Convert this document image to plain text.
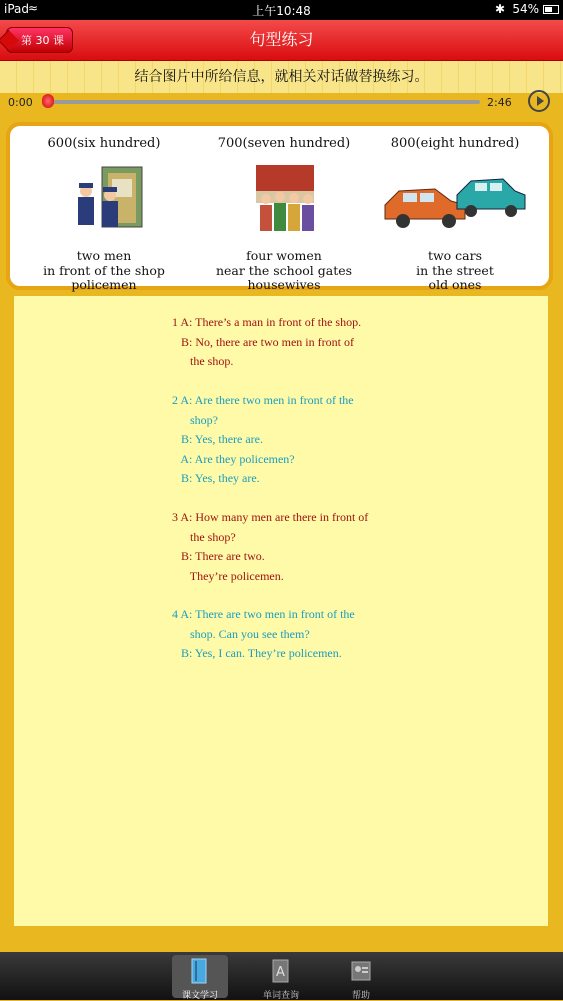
iPad
≈	上午10:48	✱ 54%
第 30 课	句型练习
结合图片中所给信息，就相关对话做替换练习。
0:00	2:46
600(six hundred)
two men
in front of the shop
policemen
700(seven hundred)
four women
near the school gates
housewives
800(eight hundred)
two cars
in the street
old ones
1 A: There’s a man in front of the shop.
B: No, there are two men in front of
the shop.
2 A: Are there two men in front of the
shop?
B: Yes, there are.
A: Are they policemen?
B: Yes, they are.
3 A: How many men are there in front of
the shop?
B: There are two.
They’re policemen.
4 A: There are two men in front of the
shop. Can you see them?
B: Yes, I can. They’re policemen.
课文学习
A
单词查询	帮助
